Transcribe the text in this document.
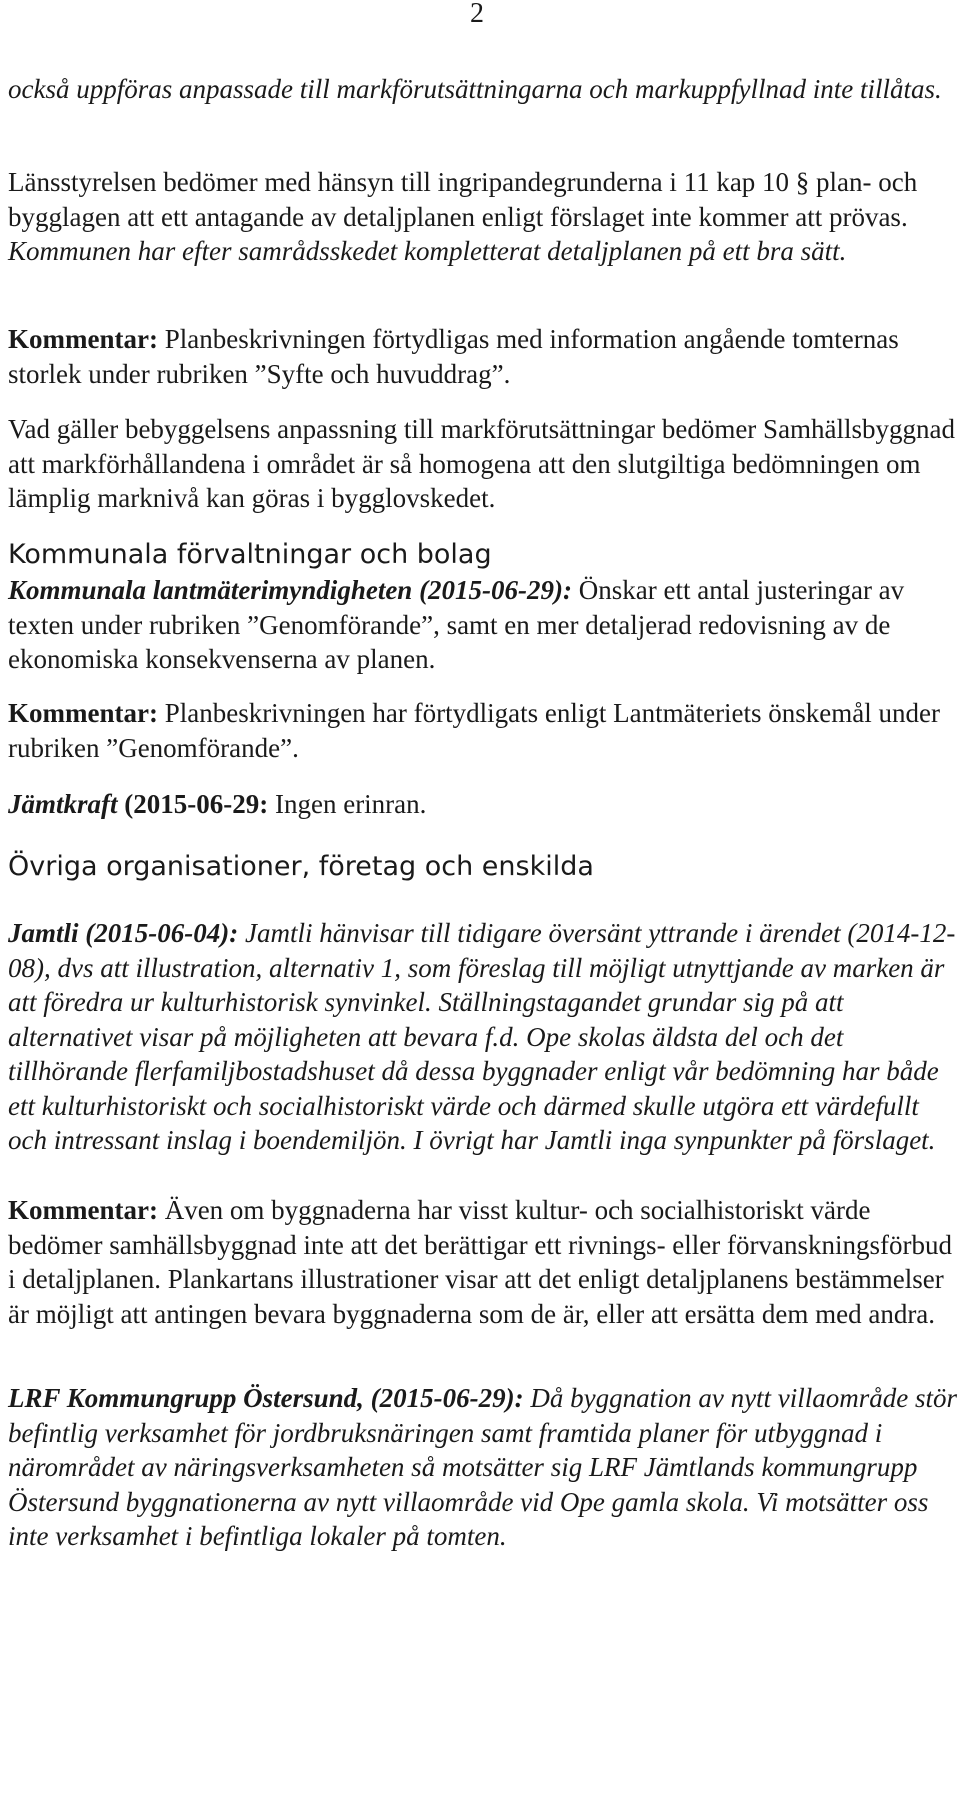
2

också uppföras anpassade till markförutsättningarna och markuppfyllnad inte tillåtas.

Länsstyrelsen bedömer med hänsyn till ingripandegrunderna i 11 kap 10 § plan- och bygglagen att ett antagande av detaljplanen enligt förslaget inte kommer att prövas. Kommunen har efter samrådsskedet kompletterat detaljplanen på ett bra sätt.

Kommentar: Planbeskrivningen förtydligas med information angående tomternas storlek under rubriken ”Syfte och huvuddrag”.

Vad gäller bebyggelsens anpassning till markförutsättningar bedömer Samhällsbyggnad att markförhållandena i området är så homogena att den slutgiltiga bedömningen om lämplig marknivå kan göras i bygglovskedet.

Kommunala förvaltningar och bolag

Kommunala lantmäterimyndigheten (2015-06-29): Önskar ett antal justeringar av texten under rubriken ”Genomförande”, samt en mer detaljerad redovisning av de ekonomiska konsekvenserna av planen.

Kommentar: Planbeskrivningen har förtydligats enligt Lantmäteriets önskemål under rubriken ”Genomförande”.

Jämtkraft (2015-06-29: Ingen erinran.

Övriga organisationer, företag och enskilda

Jamtli (2015-06-04): Jamtli hänvisar till tidigare översänt yttrande i ärendet (2014-12-08), dvs att illustration, alternativ 1, som föreslag till möjligt utnyttjande av marken är att föredra ur kulturhistorisk synvinkel. Ställningstagandet grundar sig på att alternativet visar på möjligheten att bevara f.d. Ope skolas äldsta del och det tillhörande flerfamiljbostadshuset då dessa byggnader enligt vår bedömning har både ett kulturhistoriskt och socialhistoriskt värde och därmed skulle utgöra ett värdefullt och intressant inslag i boendemiljön. I övrigt har Jamtli inga synpunkter på förslaget.

Kommentar: Även om byggnaderna har visst kultur- och socialhistoriskt värde bedömer samhällsbyggnad inte att det berättigar ett rivnings- eller förvanskningsförbud i detaljplanen. Plankartans illustrationer visar att det enligt detaljplanens bestämmelser är möjligt att antingen bevara byggnaderna som de är, eller att ersätta dem med andra.

LRF Kommungrupp Östersund, (2015-06-29): Då byggnation av nytt villaområde stör befintlig verksamhet för jordbruksnäringen samt framtida planer för utbyggnad i närområdet av näringsverksamheten så motsätter sig LRF Jämtlands kommungrupp Östersund byggnationerna av nytt villaområde vid Ope gamla skola. Vi motsätter oss inte verksamhet i befintliga lokaler på tomten.
